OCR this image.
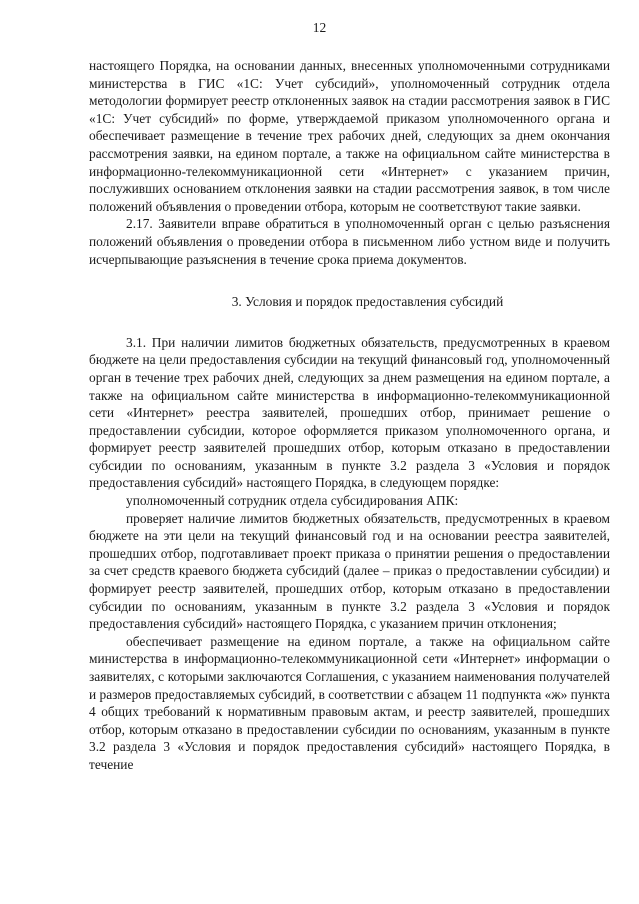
12

настоящего Порядка, на основании данных, внесенных уполномоченными сотрудниками министерства в ГИС «1С: Учет субсидий», уполномоченный сотрудник отдела методологии формирует реестр отклоненных заявок на стадии рассмотрения заявок в ГИС «1С: Учет субсидий» по форме, утверждаемой приказом уполномоченного органа и обеспечивает размещение в течение трех рабочих дней, следующих за днем окончания рассмотрения заявки, на едином портале, а также на официальном сайте министерства в информационно-телекоммуникационной сети «Интернет» с указанием причин, послуживших основанием отклонения заявки на стадии рассмотрения заявок, в том числе положений объявления о проведении отбора, которым не соответствуют такие заявки.

2.17. Заявители вправе обратиться в уполномоченный орган с целью разъяснения положений объявления о проведении отбора в письменном либо устном виде и получить исчерпывающие разъяснения в течение срока приема документов.

3. Условия и порядок предоставления субсидий

3.1. При наличии лимитов бюджетных обязательств, предусмотренных в краевом бюджете на цели предоставления субсидии на текущий финансовый год, уполномоченный орган в течение трех рабочих дней, следующих за днем размещения на едином портале, а также на официальном сайте министерства в информационно-телекоммуникационной сети «Интернет» реестра заявителей, прошедших отбор, принимает решение о предоставлении субсидии, которое оформляется приказом уполномоченного органа, и формирует реестр заявителей прошедших отбор, которым отказано в предоставлении субсидии по основаниям, указанным в пункте 3.2 раздела 3 «Условия и порядок предоставления субсидий» настоящего Порядка, в следующем порядке:

уполномоченный сотрудник отдела субсидирования АПК:

проверяет наличие лимитов бюджетных обязательств, предусмотренных в краевом бюджете на эти цели на текущий финансовый год и на основании реестра заявителей, прошедших отбор, подготавливает проект приказа о принятии решения о предоставлении за счет средств краевого бюджета субсидий (далее – приказ о предоставлении субсидии) и формирует реестр заявителей, прошедших отбор, которым отказано в предоставлении субсидии по основаниям, указанным в пункте 3.2 раздела 3 «Условия и порядок предоставления субсидий» настоящего Порядка, с указанием причин отклонения;

обеспечивает размещение на едином портале, а также на официальном сайте министерства в информационно-телекоммуникационной сети «Интернет» информации о заявителях, с которыми заключаются Соглашения, с указанием наименования получателей и размеров предоставляемых субсидий, в соответствии с абзацем 11 подпункта «ж» пункта 4 общих требований к нормативным правовым актам, и реестр заявителей, прошедших отбор, которым отказано в предоставлении субсидии по основаниям, указанным в пункте 3.2 раздела 3 «Условия и порядок предоставления субсидий» настоящего Порядка, в течение
